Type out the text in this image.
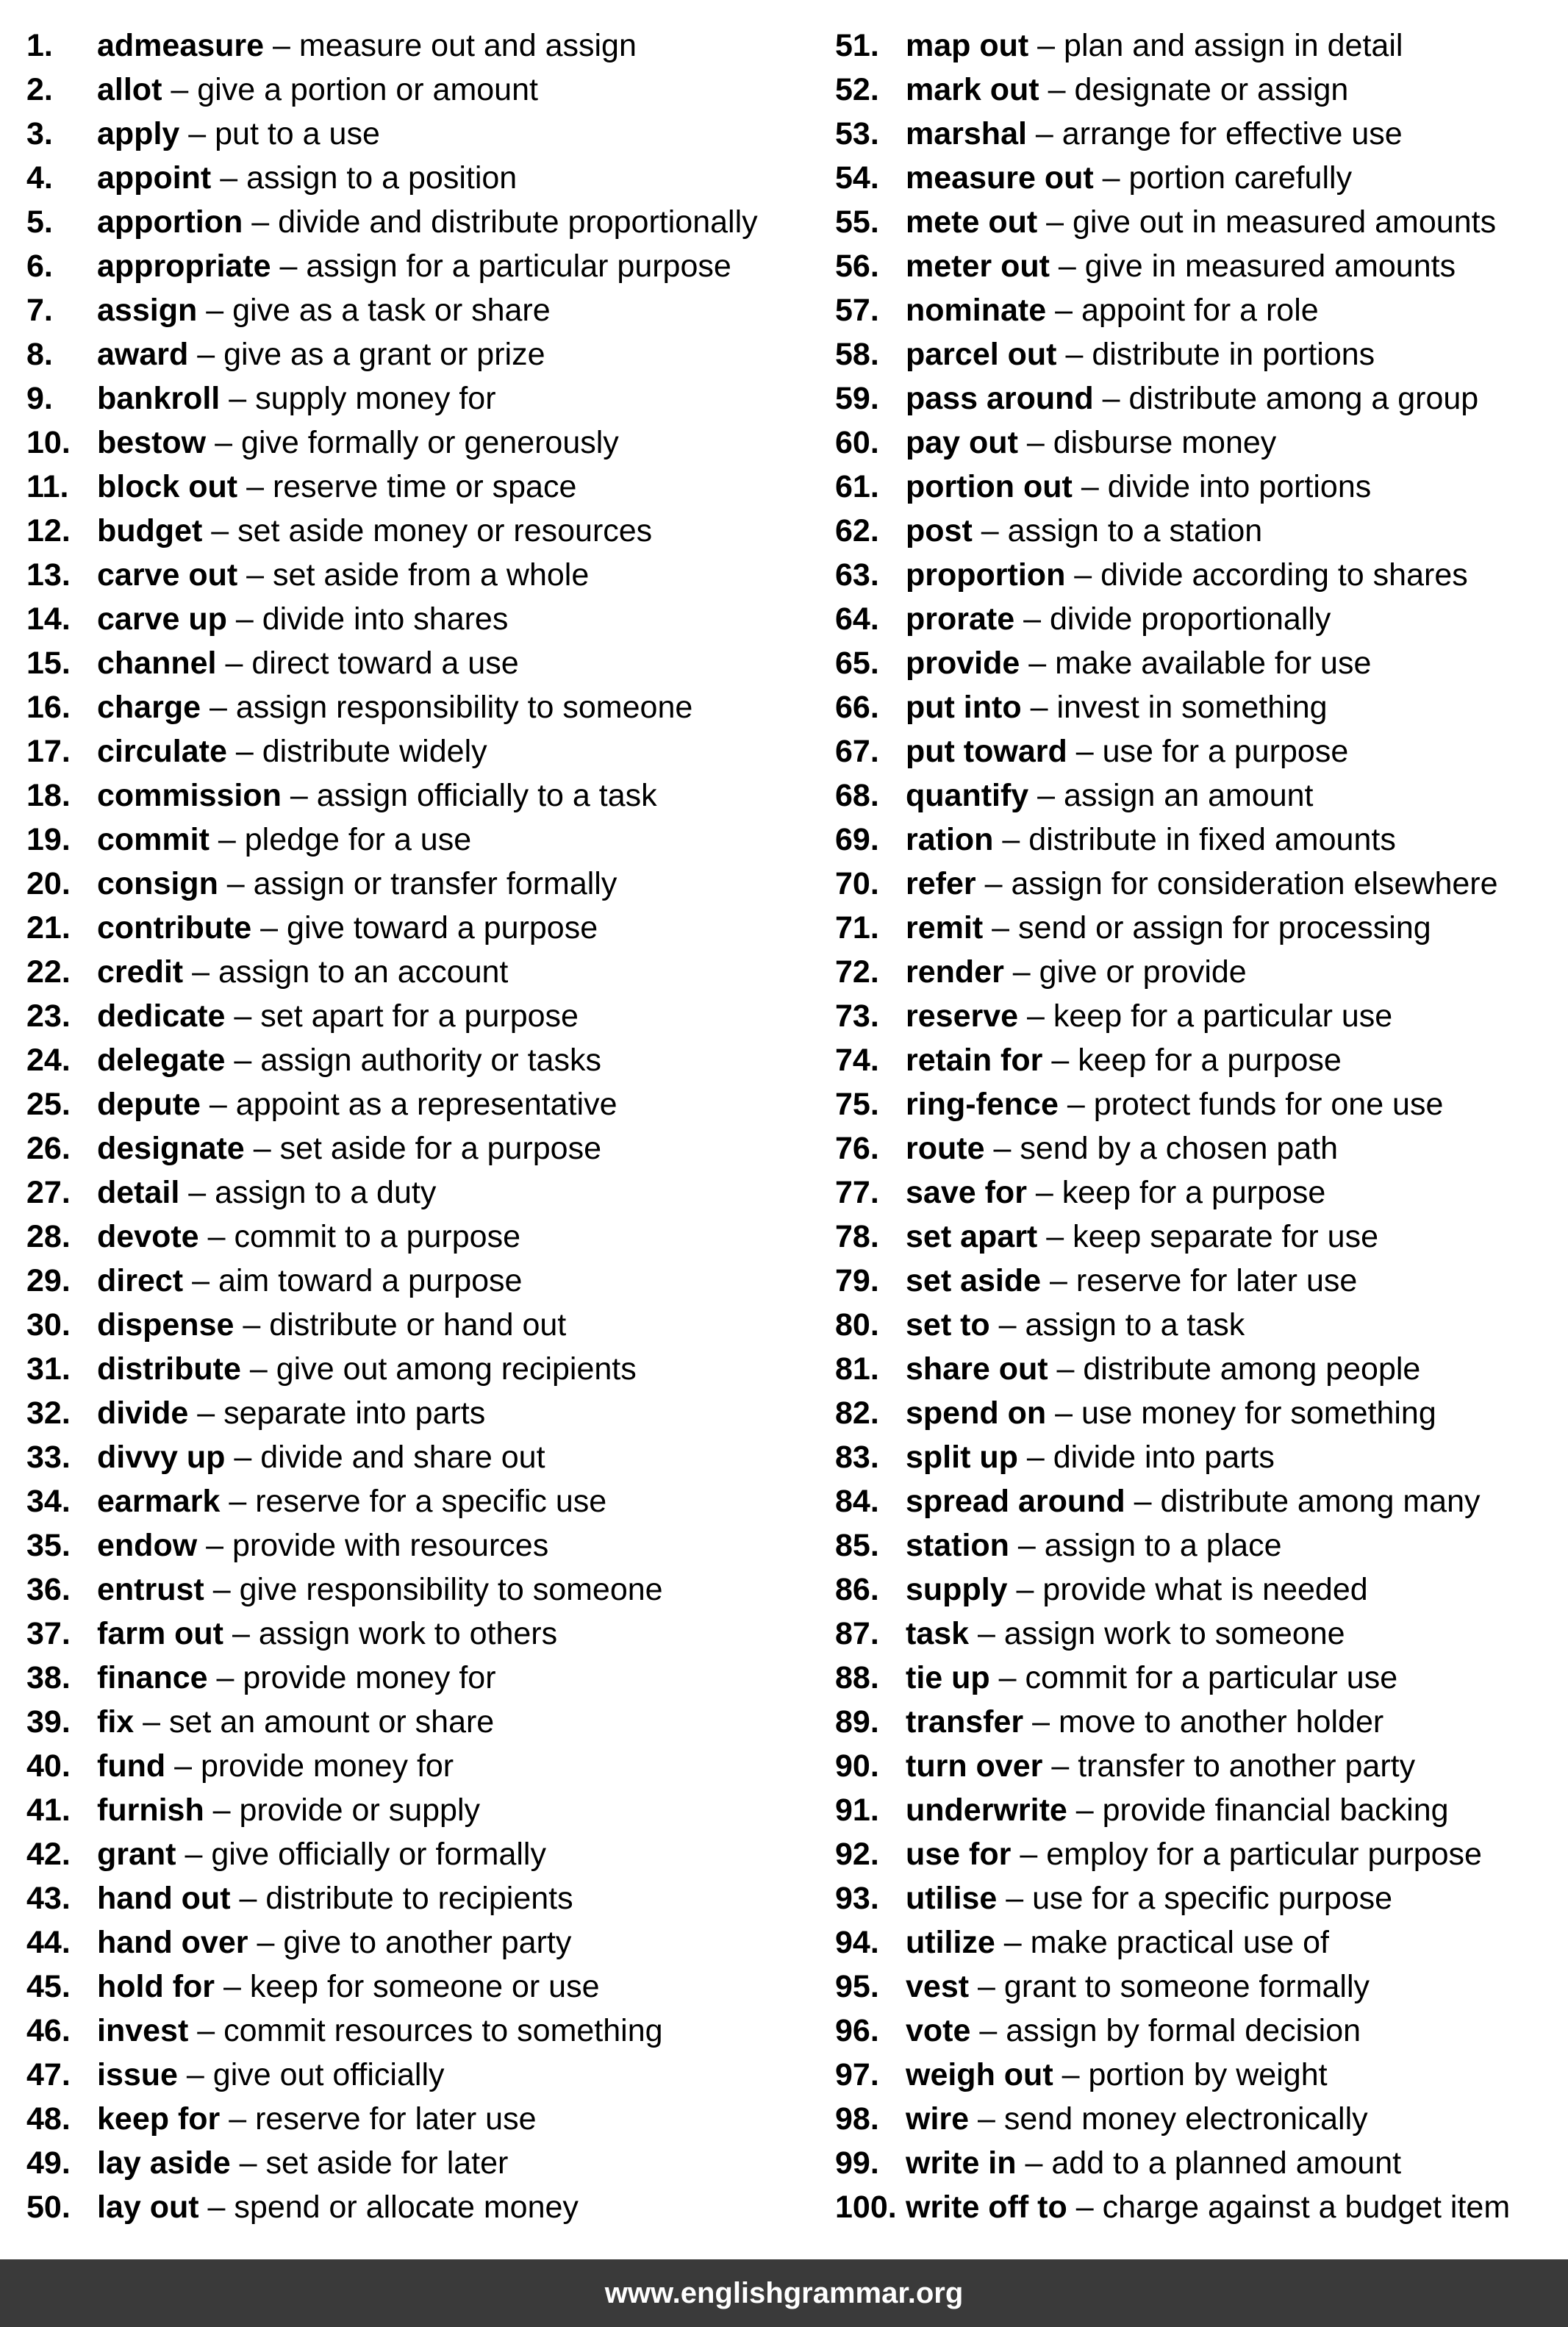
1.	admeasure
–
measure out and assign
2.	allot
–
give a portion or amount
3.	apply
–
put to a use
4.	appoint
–
assign to a position
5.	apportion
–
divide and distribute proportionally
6.	appropriate
–
assign for a particular purpose
7.	assign
–
give as a task or share
8.	award
–
give as a grant or prize
9.	bankroll
–
supply money for
10. bestow
–
give formally or generously
11. block out
–
reserve time or space
12. budget
–
set aside money or resources
13. carve out
–
set aside from a whole
14. carve up
–
divide into shares
15. channel
–
direct toward a use
16. charge
–
assign responsibility to someone
17. circulate
–
distribute widely
18. commission
–
assign officially to a task
19. commit
–
pledge for a use
20. consign
–
assign or transfer formally
21. contribute
–
give toward a purpose
22. credit
–
assign to an account
23. dedicate
–
set apart for a purpose
24. delegate
–
assign authority or tasks
25. depute
–
appoint as a representative
26. designate
–
set aside for a purpose
27. detail
–
assign to a duty
28. devote
–
commit to a purpose
29. direct
–
aim toward a purpose
30. dispense
–
distribute or hand out
31. distribute
–
give out among recipients
32. divide
–
separate into parts
33. divvy up
–
divide and share out
34. earmark
–
reserve for a specific use
35. endow
–
provide with resources
36. entrust
–
give responsibility to someone
37. farm out
–
assign work to others
38. finance
–
provide money for
39. fix
–
set an amount or share
40. fund
–
provide money for
41. furnish
–
provide or supply
42. grant
–
give officially or formally
43. hand out
–
distribute to recipients
44. hand over
–
give to another party
45. hold for
–
keep for someone or use
46. invest
–
commit resources to something
47. issue
–
give out officially
48. keep for
–
reserve for later use
49. lay aside
–
set aside for later
50. lay out
–
spend or allocate money
51. map out
–
plan and assign in detail
52. mark out
–
designate or assign
53. marshal
–
arrange for effective use
54. measure out
–
portion carefully
55. mete out
–
give out in measured amounts
56. meter out
–
give in measured amounts
57. nominate
–
appoint for a role
58. parcel out
–
distribute in portions
59. pass around
–
distribute among a group
60. pay out
–
disburse money
61. portion out
–
divide into portions
62. post
–
assign to a station
63. proportion
–
divide according to shares
64. prorate
–
divide proportionally
65. provide
–
make available for use
66. put into
–
invest in something
67. put toward
–
use for a purpose
68. quantify
–
assign an amount
69. ration
–
distribute in fixed amounts
70. refer
–
assign for consideration elsewhere
71. remit
–
send or assign for processing
72. render
–
give or provide
73. reserve
–
keep for a particular use
74. retain for
–
keep for a purpose
75. ring-fence
–
protect funds for one use
76. route
–
send by a chosen path
77. save for
–
keep for a purpose
78. set apart
–
keep separate for use
79. set aside
–
reserve for later use
80. set to
–
assign to a task
81. share out
–
distribute among people
82. spend on
–
use money for something
83. split up
–
divide into parts
84. spread around
–
distribute among many
85. station
–
assign to a place
86. supply
–
provide what is needed
87. task
–
assign work to someone
88. tie up
–
commit for a particular use
89. transfer
–
move to another holder
90. turn over
–
transfer to another party
91. underwrite
–
provide financial backing
92. use for
–
employ for a particular purpose
93. utilise
–
use for a specific purpose
94. utilize
–
make practical use of
95. vest
–
grant to someone formally
96. vote
–
assign by formal decision
97. weigh out
–
portion by weight
98. wire
–
send money electronically
99. write in
–
add to a planned amount
100. write off to
–
charge against a budget item
www.englishgrammar.org
